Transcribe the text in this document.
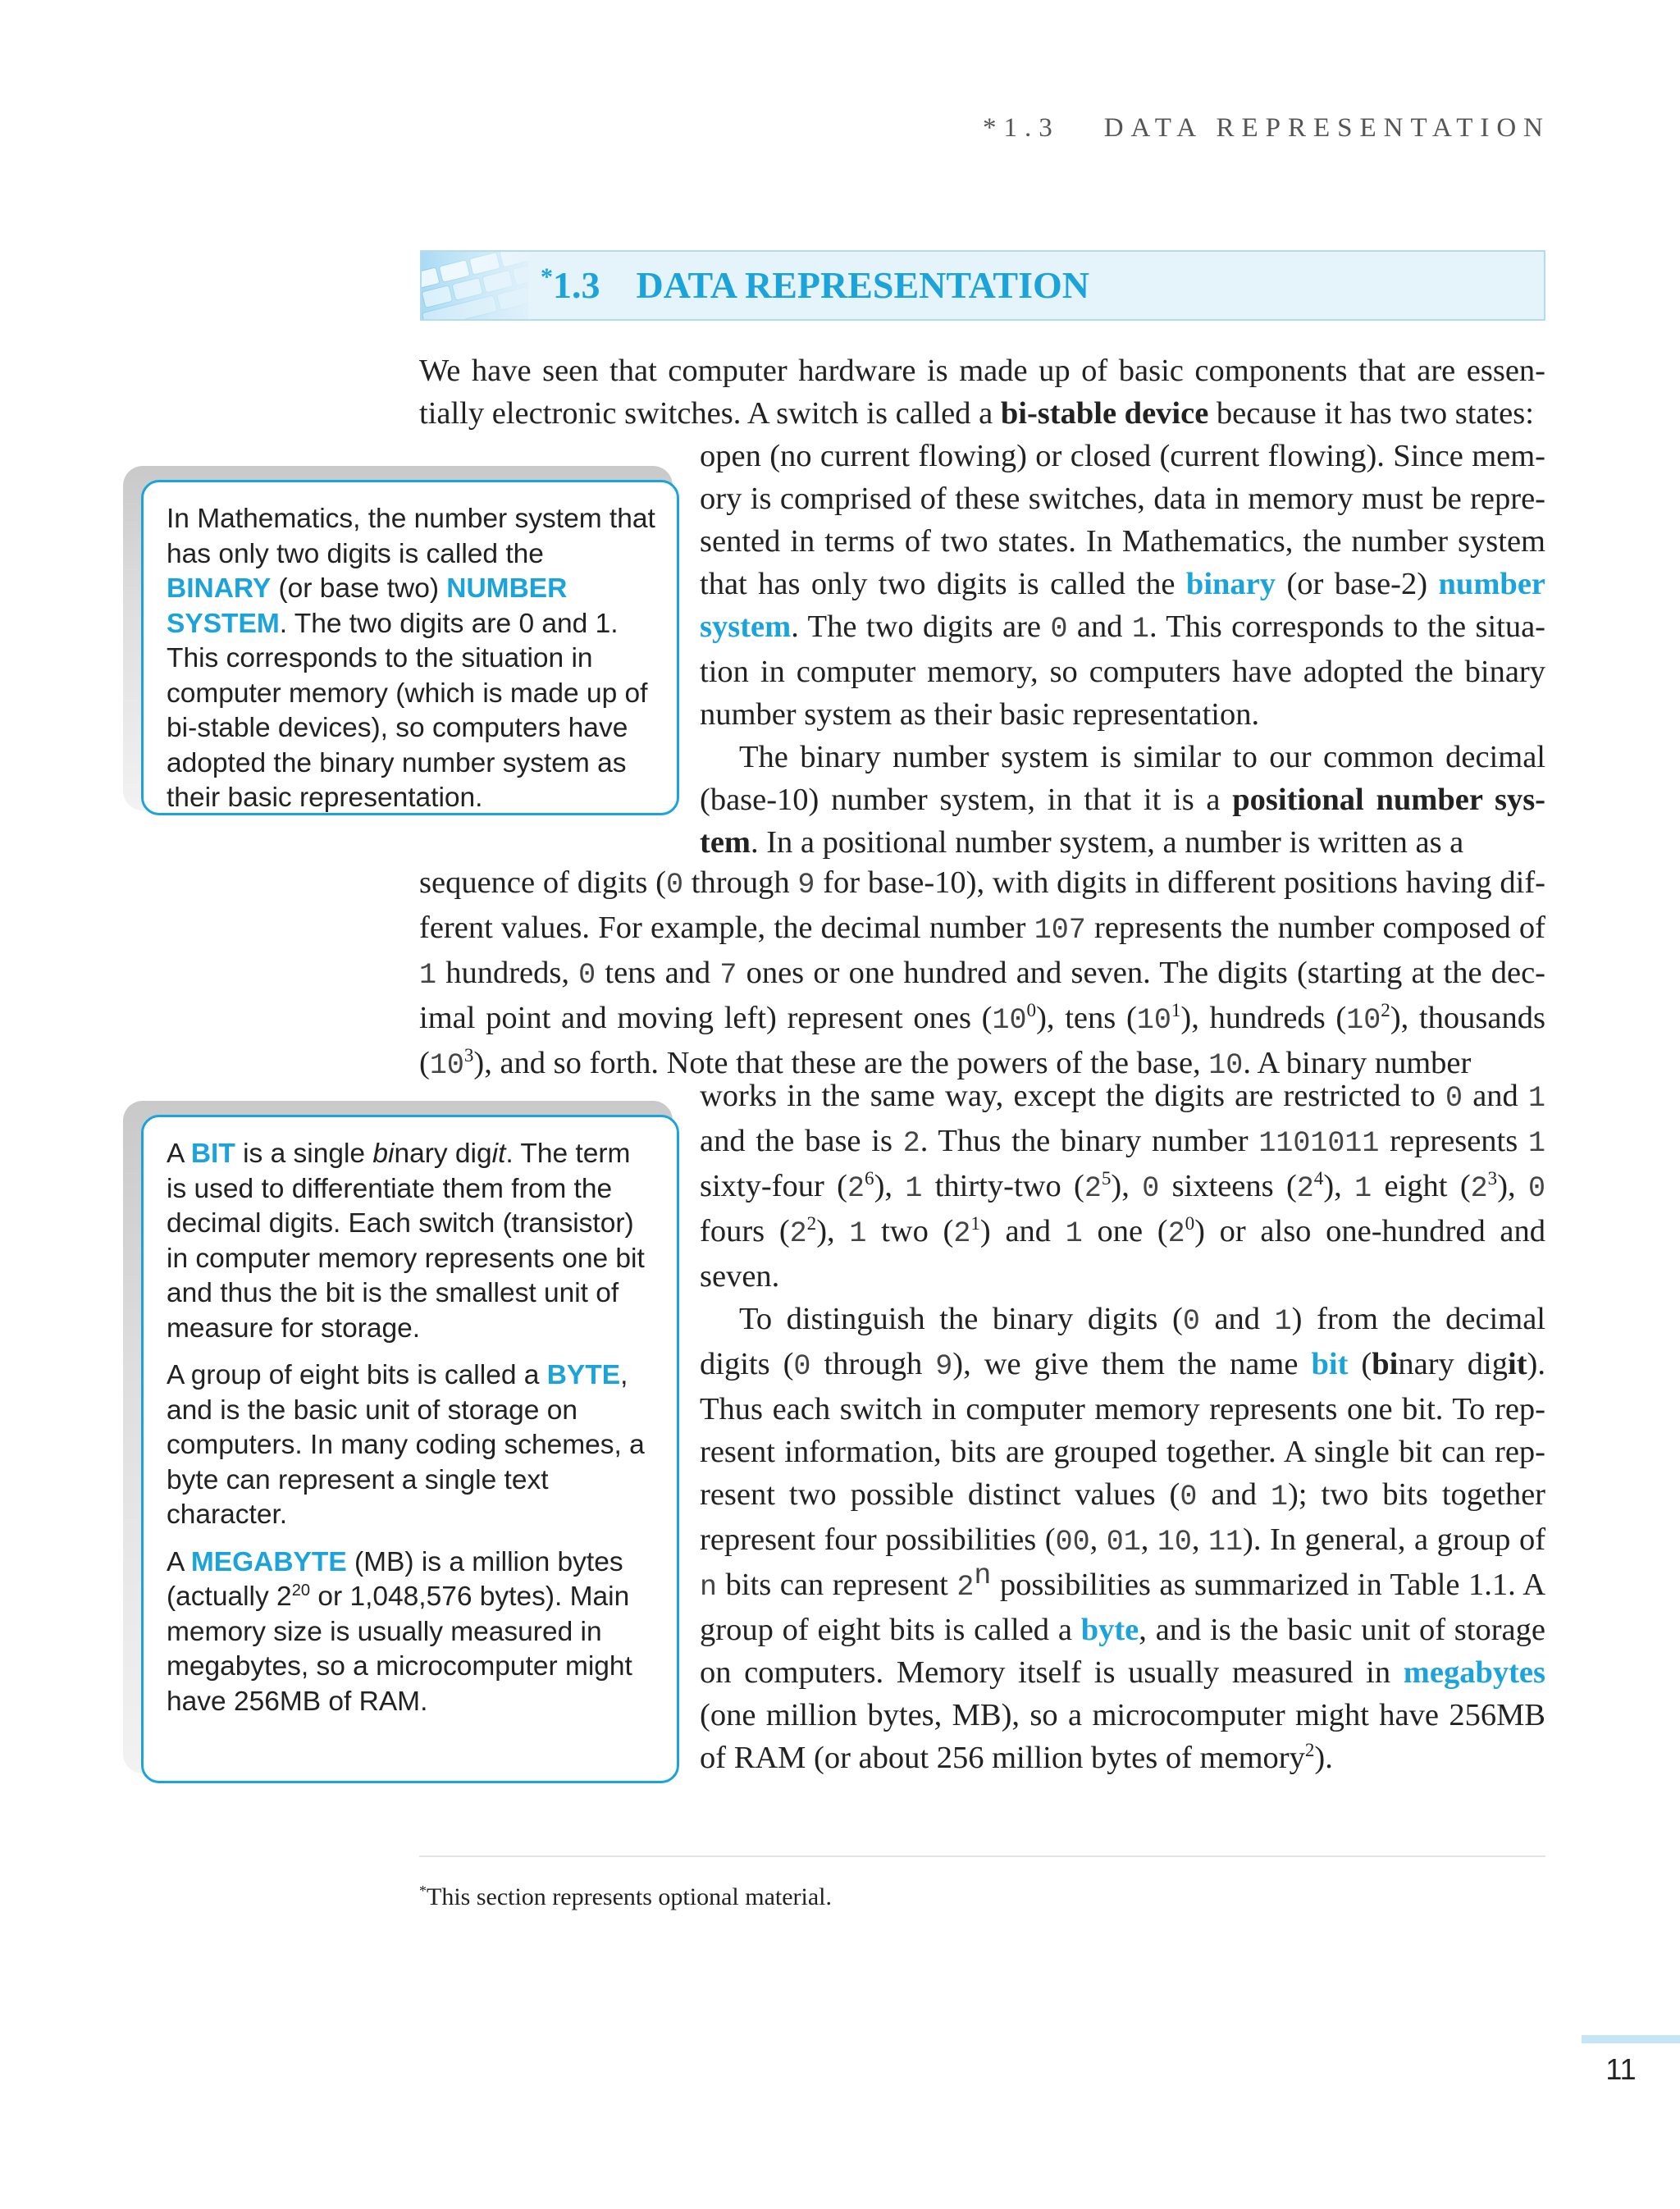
*1.3 DATA REPRESENTATION
*1.3 DATA REPRESENTATION

We have seen that computer hardware is made up of basic components that are essen-tially electronic switches. A switch is called a bi-stable device because it has two states:

open (no current flowing) or closed (current flowing). Since mem-ory is comprised of these switches, data in memory must be repre-sented in terms of two states. In Mathematics, the number system that has only two digits is called the binary (or base-2) number system. The two digits are 0 and 1. This corresponds to the situa-tion in computer memory, so computers have adopted the binary number system as their basic representation.

The binary number system is similar to our common decimal (base-10) number system, in that it is a positional number sys-tem. In a positional number system, a number is written as a

sequence of digits (0 through 9 for base-10), with digits in different positions having dif-ferent values. For example, the decimal number 107 represents the number composed of 1 hundreds, 0 tens and 7 ones or one hundred and seven. The digits (starting at the dec-imal point and moving left) represent ones $(10^0)$, tens $(10^1)$, hundreds $(10^2)$, thousands $(10^3)$, and so forth. Note that these are the powers of the base, 10. A binary number

works in the same way, except the digits are restricted to 0 and 1 and the base is 2. Thus the binary number 1101011 represents 1 sixty-four $(2^6)$, 1 thirty-two $(2^5)$, 0 sixteens $(2^4)$, 1 eight $(2^3)$, 0 fours $(2^2)$, 1 two $(2^1)$ and 1 one $(2^0)$ or also one-hundred and seven.

To distinguish the binary digits (0 and 1) from the decimal digits (0 through 9), we give them the name bit (binary digit). Thus each switch in computer memory represents one bit. To rep-resent information, bits are grouped together. A single bit can rep-resent two possible distinct values (0 and 1); two bits together represent four possibilities (00, 01, 10, 11). In general, a group of n bits can represent 2$^n$ possibilities as summarized in Table 1.1. A group of eight bits is called a byte, and is the basic unit of storage on computers. Memory itself is usually measured in megabytes (one million bytes, MB), so a microcomputer might have 256MB of RAM (or about 256 million bytes of memory$^2$).

In Mathematics, the number system that has only two digits is called the BINARY (or base two) NUMBER SYSTEM. The two digits are 0 and 1. This corresponds to the situation in computer memory (which is made up of bi-stable devices), so computers have adopted the binary number system as their basic representation.

A BIT is a single binary digit. The term is used to differentiate them from the decimal digits. Each switch (transistor) in computer memory represents one bit and thus the bit is the smallest unit of measure for storage.

A group of eight bits is called a BYTE, and is the basic unit of storage on computers. In many coding schemes, a byte can represent a single text character.

A MEGABYTE (MB) is a million bytes (actually $2^{20}$ or 1,048,576 bytes). Main memory size is usually measured in megabytes, so a microcomputer might have 256MB of RAM.

*This section represents optional material.
11
